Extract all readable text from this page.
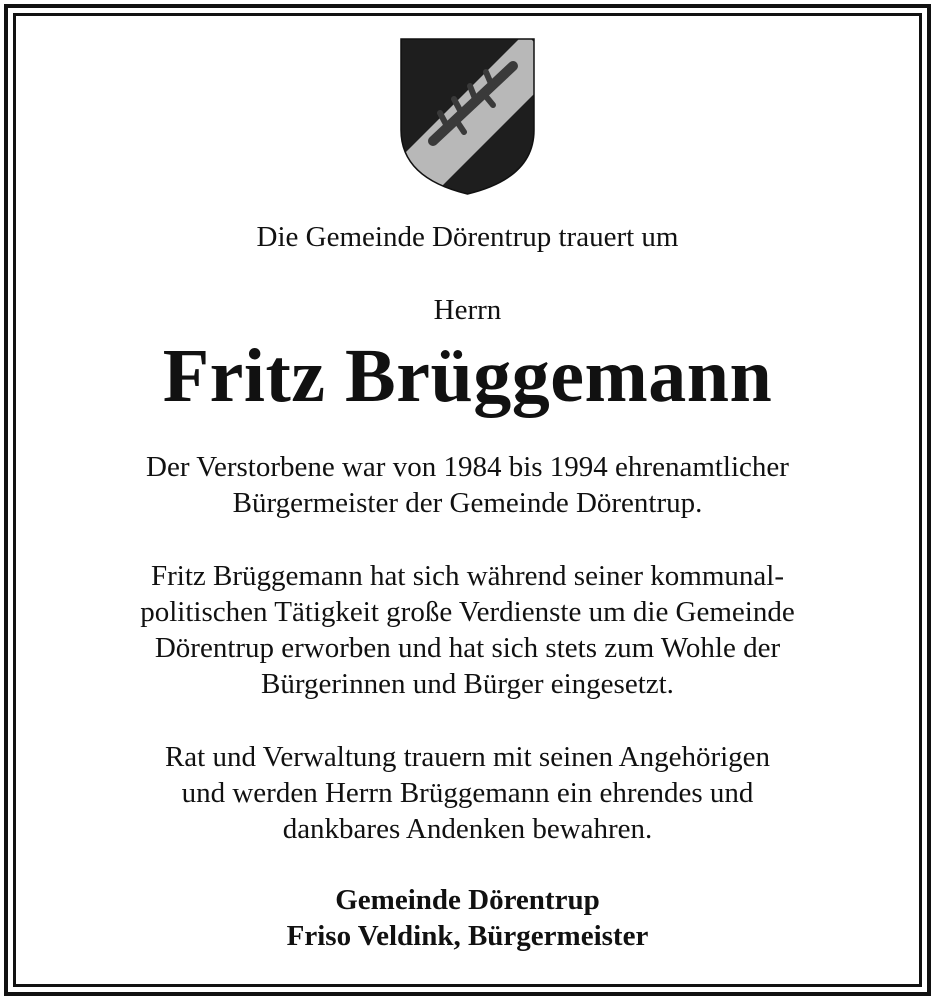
Die Gemeinde Dörentrup trauert um

Herrn

Fritz Brüggemann

Der Verstorbene war von 1984 bis 1994 ehrenamtlicher

Bürgermeister der Gemeinde Dörentrup.

Fritz Brüggemann hat sich während seiner kommunal-

politischen Tätigkeit große Verdienste um die Gemeinde

Dörentrup erworben und hat sich stets zum Wohle der

Bürgerinnen und Bürger eingesetzt.

Rat und Verwaltung trauern mit seinen Angehörigen

und werden Herrn Brüggemann ein ehrendes und

dankbares Andenken bewahren.

Gemeinde Dörentrup

Friso Veldink, Bürgermeister
